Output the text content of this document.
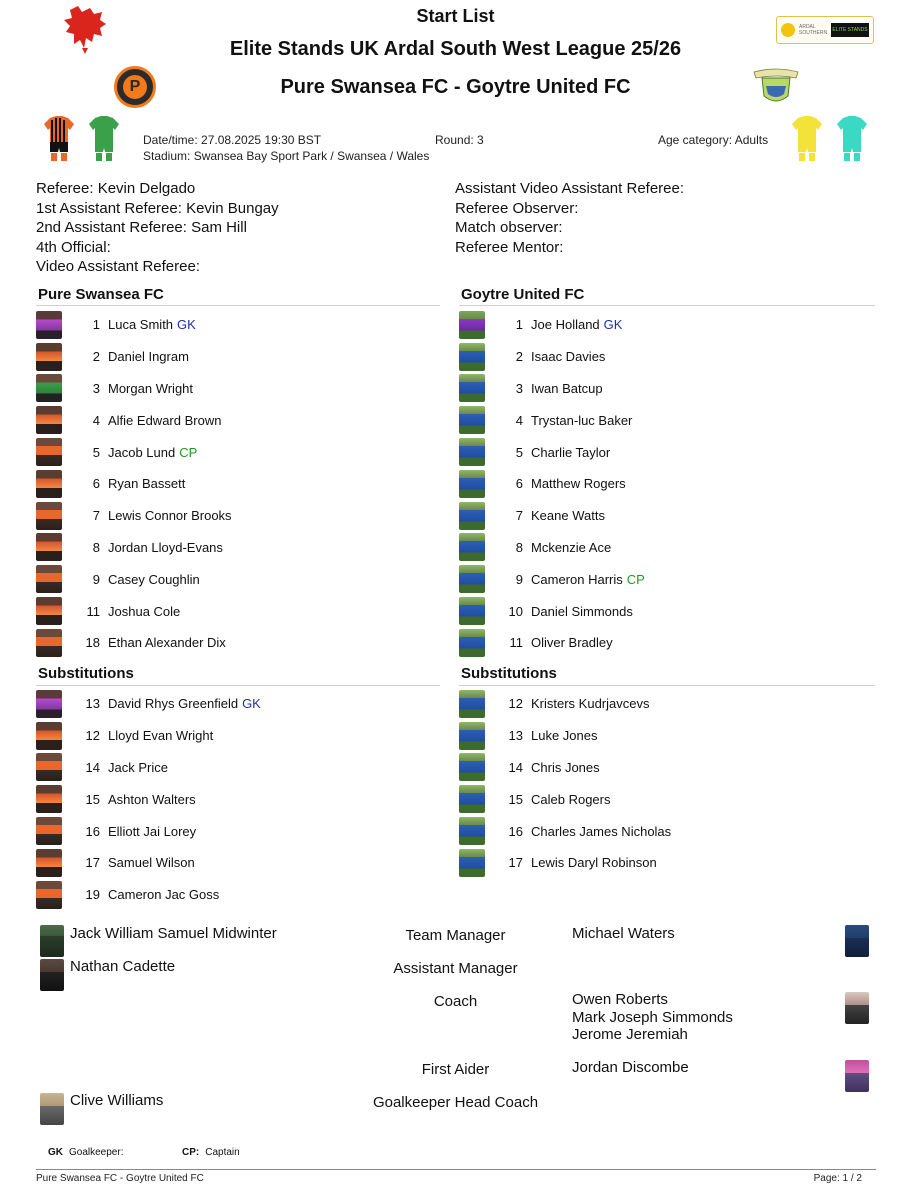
Start List
Elite Stands UK Ardal South West League 25/26
Pure Swansea FC - Goytre United FC
P
ARDAL SOUTHERN ELITE STANDS
Date/time: 27.08.2025 19:30 BST	Round: 3	Age category: Adults
Stadium: Swansea Bay Sport Park / Swansea / Wales
Referee: Kevin Delgado
1st Assistant Referee: Kevin Bungay
2nd Assistant Referee: Sam Hill
4th Official:
Video Assistant Referee:
Assistant Video Assistant Referee:
Referee Observer:
Match observer:
Referee Mentor:
Pure Swansea FC	Goytre United FC
1 Luca Smith GK
2 Daniel Ingram
3 Morgan Wright
4 Alfie Edward Brown
5 Jacob Lund CP
6 Ryan Bassett
7 Lewis Connor Brooks
8 Jordan Lloyd-Evans
9 Casey Coughlin
11 Joshua Cole
18 Ethan Alexander Dix
1 Joe Holland GK
2 Isaac Davies
3 Iwan Batcup
4 Trystan-luc Baker
5 Charlie Taylor
6 Matthew Rogers
7 Keane Watts
8 Mckenzie Ace
9 Cameron Harris CP
10 Daniel Simmonds
11 Oliver Bradley
Substitutions	Substitutions
13 David Rhys Greenfield GK
12 Lloyd Evan Wright
14 Jack Price
15 Ashton Walters
16 Elliott Jai Lorey
17 Samuel Wilson
19 Cameron Jac Goss
12 Kristers Kudrjavcevs
13 Luke Jones
14 Chris Jones
15 Caleb Rogers
16 Charles James Nicholas
17 Lewis Daryl Robinson
Jack William Samuel Midwinter	Team Manager	Michael Waters
Nathan Cadette	Assistant Manager
Coach	Owen Roberts
Mark Joseph Simmonds
Jerome Jeremiah
First Aider	Jordan Discombe
Clive Williams	Goalkeeper Head Coach
GK Goalkeeper:	CP: Captain
Pure Swansea FC - Goytre United FC	Page: 1 / 2
